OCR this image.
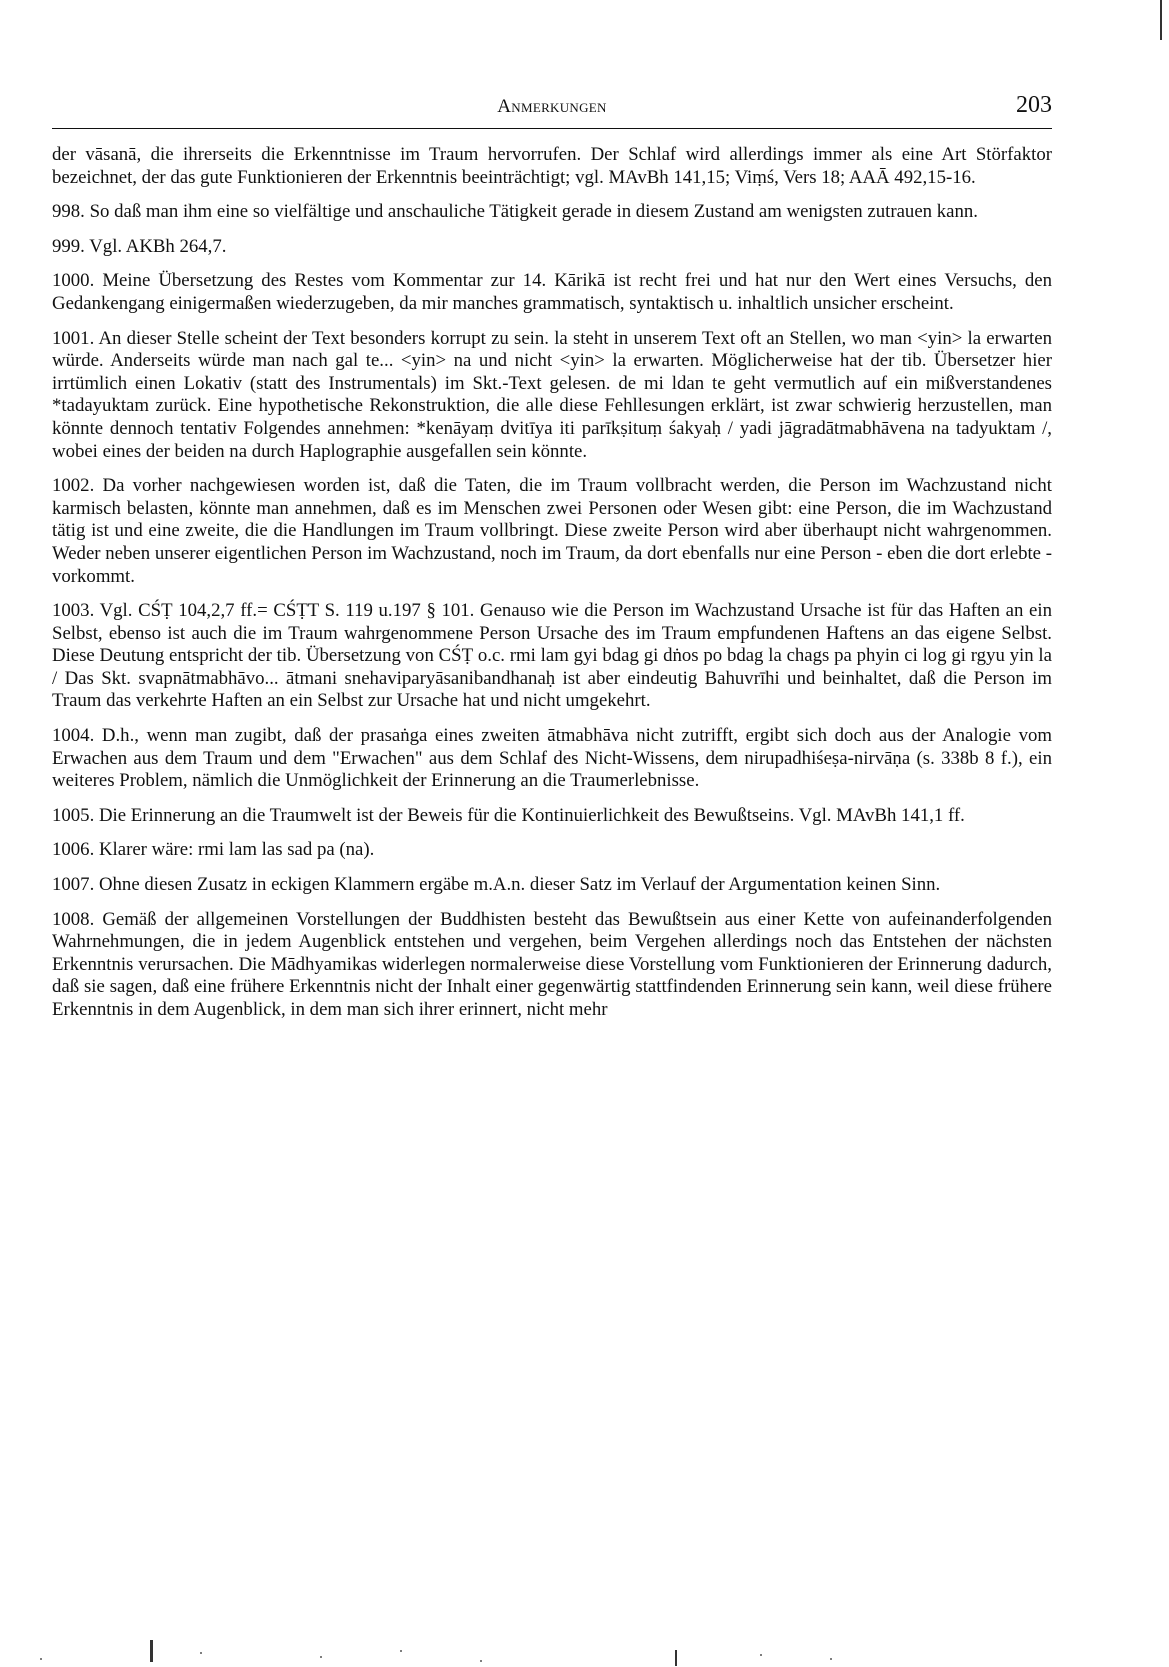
Anmerkungen	203

der vāsanā, die ihrerseits die Erkenntnisse im Traum hervorrufen. Der Schlaf wird allerdings immer als eine Art Störfaktor bezeichnet, der das gute Funktionieren der Erkenntnis beeinträchtigt; vgl. MAvBh 141,15; Viṃś, Vers 18; AAĀ 492,15-16.

998. So daß man ihm eine so vielfältige und anschauliche Tätigkeit gerade in diesem Zustand am wenigsten zutrauen kann.

999. Vgl. AKBh 264,7.

1000. Meine Übersetzung des Restes vom Kommentar zur 14. Kārikā ist recht frei und hat nur den Wert eines Versuchs, den Gedankengang einigermaßen wiederzugeben, da mir manches grammatisch, syntaktisch u. inhaltlich unsicher erscheint.

1001. An dieser Stelle scheint der Text besonders korrupt zu sein. la steht in unserem Text oft an Stellen, wo man <yin> la erwarten würde. Anderseits würde man nach gal te... <yin> na und nicht <yin> la erwarten. Möglicherweise hat der tib. Übersetzer hier irrtümlich einen Lokativ (statt des Instrumentals) im Skt.-Text gelesen. de mi ldan te geht vermutlich auf ein mißverstandenes *tadayuktam zurück. Eine hypothetische Rekonstruktion, die alle diese Fehllesungen erklärt, ist zwar schwierig herzustellen, man könnte dennoch tentativ Folgendes annehmen: *kenāyaṃ dvitīya iti parīkṣituṃ śakyaḥ / yadi jāgradātmabhāvena na tadyuktam /, wobei eines der beiden na durch Haplographie ausgefallen sein könnte.

1002. Da vorher nachgewiesen worden ist, daß die Taten, die im Traum vollbracht werden, die Person im Wachzustand nicht karmisch belasten, könnte man annehmen, daß es im Menschen zwei Personen oder Wesen gibt: eine Person, die im Wachzustand tätig ist und eine zweite, die die Handlungen im Traum vollbringt. Diese zweite Person wird aber überhaupt nicht wahrgenommen. Weder neben unserer eigentlichen Person im Wachzustand, noch im Traum, da dort ebenfalls nur eine Person - eben die dort erlebte - vorkommt.

1003. Vgl. CŚṬ 104,2,7 ff.= CŚṬT S. 119 u.197 § 101. Genauso wie die Person im Wachzustand Ursache ist für das Haften an ein Selbst, ebenso ist auch die im Traum wahrgenommene Person Ursache des im Traum empfundenen Haftens an das eigene Selbst. Diese Deutung entspricht der tib. Übersetzung von CŚṬ o.c. rmi lam gyi bdag gi dṅos po bdag la chags pa phyin ci log gi rgyu yin la / Das Skt. svapnātmabhāvo... ātmani snehaviparyāsanibandhanaḥ ist aber eindeutig Bahuvrīhi und beinhaltet, daß die Person im Traum das verkehrte Haften an ein Selbst zur Ursache hat und nicht umgekehrt.

1004. D.h., wenn man zugibt, daß der prasaṅga eines zweiten ātmabhāva nicht zutrifft, ergibt sich doch aus der Analogie vom Erwachen aus dem Traum und dem "Erwachen" aus dem Schlaf des Nicht-Wissens, dem nirupadhiśeṣa-nirvāṇa (s. 338b 8 f.), ein weiteres Problem, nämlich die Unmöglichkeit der Erinnerung an die Traumerlebnisse.

1005. Die Erinnerung an die Traumwelt ist der Beweis für die Kontinuierlichkeit des Bewußtseins. Vgl. MAvBh 141,1 ff.

1006. Klarer wäre: rmi lam las sad pa (na).

1007. Ohne diesen Zusatz in eckigen Klammern ergäbe m.A.n. dieser Satz im Verlauf der Argumentation keinen Sinn.

1008. Gemäß der allgemeinen Vorstellungen der Buddhisten besteht das Bewußtsein aus einer Kette von aufeinanderfolgenden Wahrnehmungen, die in jedem Augenblick entstehen und vergehen, beim Vergehen allerdings noch das Entstehen der nächsten Erkenntnis verursachen. Die Mādhyamikas widerlegen normalerweise diese Vorstellung vom Funktionieren der Erinnerung dadurch, daß sie sagen, daß eine frühere Erkenntnis nicht der Inhalt einer gegenwärtig stattfindenden Erinnerung sein kann, weil diese frühere Erkenntnis in dem Augenblick, in dem man sich ihrer erinnert, nicht mehr
